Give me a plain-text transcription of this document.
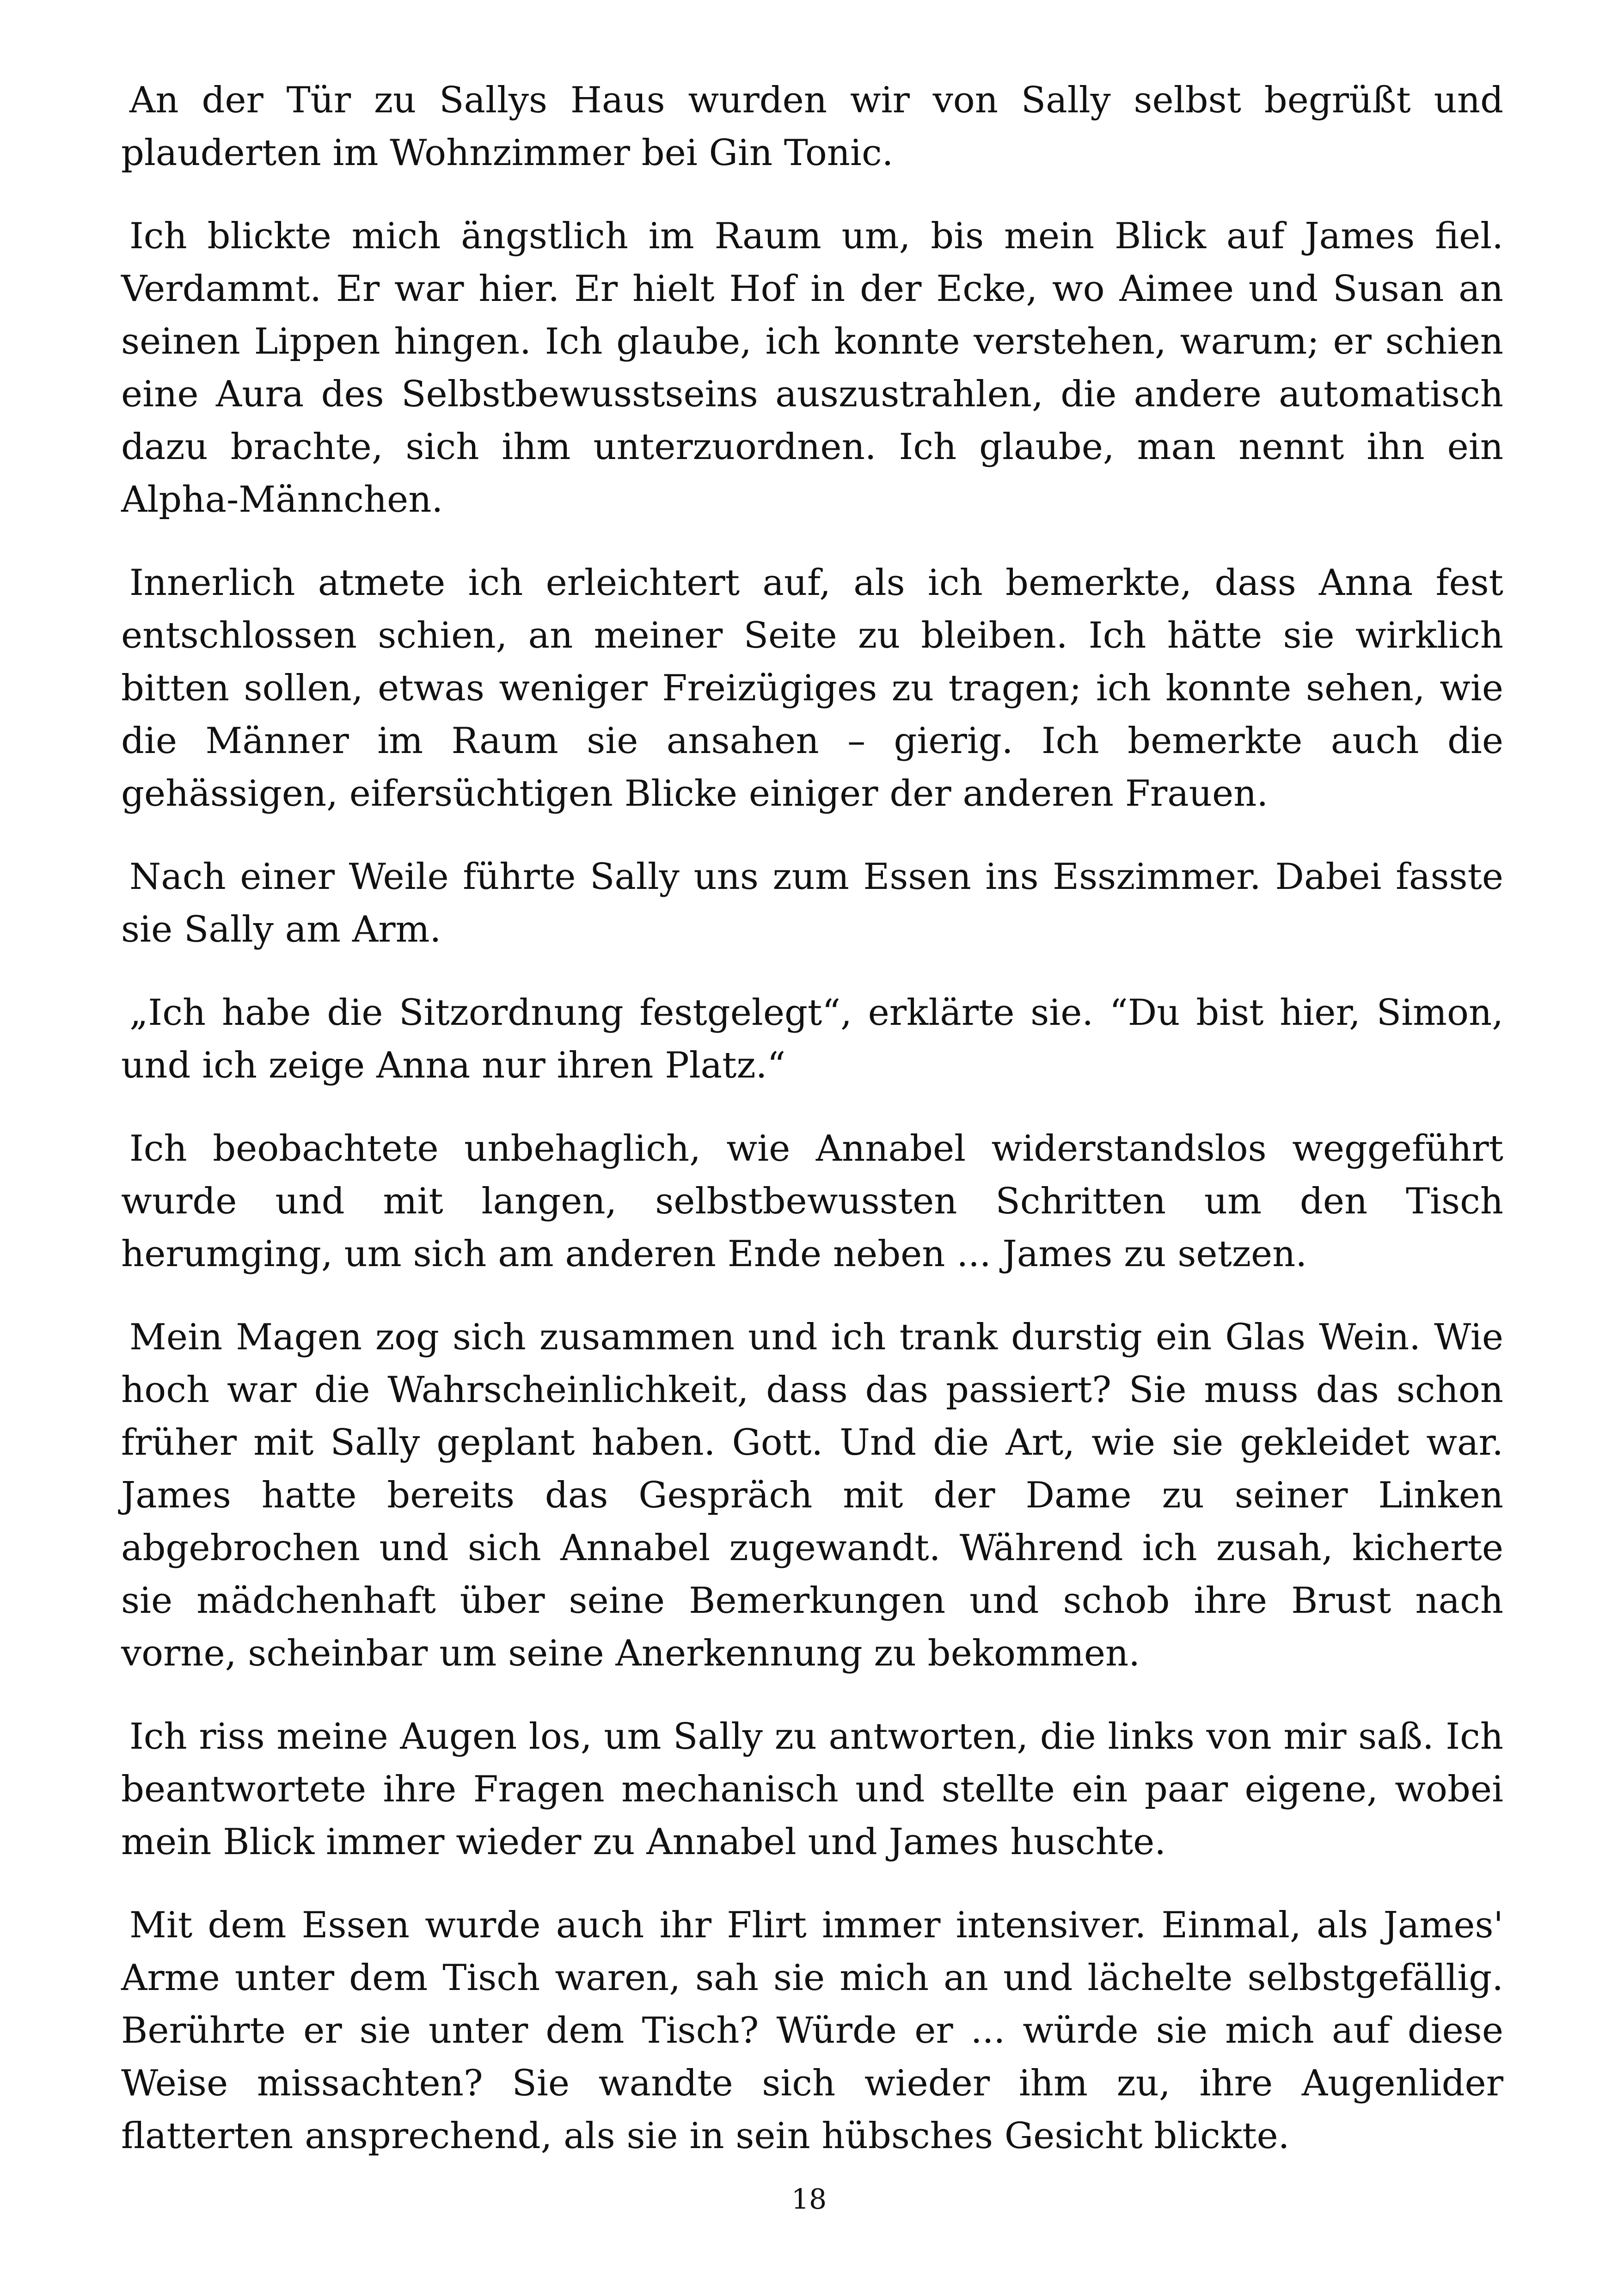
An der Tür zu Sallys Haus wurden wir von Sally selbst begrüßt und plauderten im Wohnzimmer bei Gin Tonic.

Ich blickte mich ängstlich im Raum um, bis mein Blick auf James fiel. Verdammt. Er war hier. Er hielt Hof in der Ecke, wo Aimee und Susan an seinen Lippen hingen. Ich glaube, ich konnte verstehen, warum; er schien eine Aura des Selbstbewusstseins auszustrahlen, die andere automatisch dazu brachte, sich ihm unterzuordnen. Ich glaube, man nennt ihn ein Alpha-Männchen.

Innerlich atmete ich erleichtert auf, als ich bemerkte, dass Anna fest entschlossen schien, an meiner Seite zu bleiben. Ich hätte sie wirklich bitten sollen, etwas weniger Freizügiges zu tragen; ich konnte sehen, wie die Männer im Raum sie ansahen – gierig. Ich bemerkte auch die gehässigen, eifersüchtigen Blicke einiger der anderen Frauen.

Nach einer Weile führte Sally uns zum Essen ins Esszimmer. Dabei fasste sie Sally am Arm.

„Ich habe die Sitzordnung festgelegt“, erklärte sie. “Du bist hier, Simon, und ich zeige Anna nur ihren Platz.“

Ich beobachtete unbehaglich, wie Annabel widerstandslos weggeführt wurde und mit langen, selbstbewussten Schritten um den Tisch herumging, um sich am anderen Ende neben ... James zu setzen.

Mein Magen zog sich zusammen und ich trank durstig ein Glas Wein. Wie hoch war die Wahrscheinlichkeit, dass das passiert? Sie muss das schon früher mit Sally geplant haben. Gott. Und die Art, wie sie gekleidet war. James hatte bereits das Gespräch mit der Dame zu seiner Linken abgebrochen und sich Annabel zugewandt. Während ich zusah, kicherte sie mädchenhaft über seine Bemerkungen und schob ihre Brust nach vorne, scheinbar um seine Anerkennung zu bekommen.

Ich riss meine Augen los, um Sally zu antworten, die links von mir saß. Ich beantwortete ihre Fragen mechanisch und stellte ein paar eigene, wobei mein Blick immer wieder zu Annabel und James huschte.

Mit dem Essen wurde auch ihr Flirt immer intensiver. Einmal, als James' Arme unter dem Tisch waren, sah sie mich an und lächelte selbstgefällig. Berührte er sie unter dem Tisch? Würde er ... würde sie mich auf diese Weise missachten? Sie wandte sich wieder ihm zu, ihre Augenlider flatterten ansprechend, als sie in sein hübsches Gesicht blickte.

18
